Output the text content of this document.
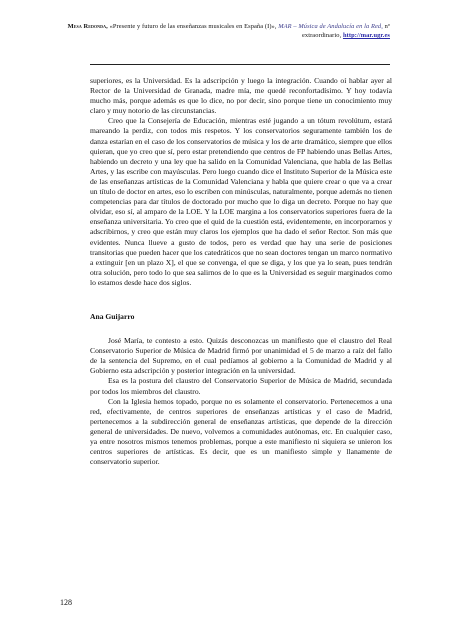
Mesa Redonda, «Presente y futuro de las enseñanzas musicales en España (I)», MAR – Música de Andalucía en la Red, nº extraordinario, http://mar.ugr.es

superiores, es la Universidad. Es la adscripción y luego la integración. Cuando oí hablar ayer al Rector de la Universidad de Granada, madre mía, me quedé reconfortadísimo. Y hoy todavía mucho más, porque además es que lo dice, no por decir, sino porque tiene un conocimiento muy claro y muy notorio de las circunstancias.

Creo que la Consejería de Educación, mientras esté jugando a un tótum revolútum, estará mareando la perdiz, con todos mis respetos. Y los conservatorios seguramente también los de danza estarían en el caso de los conservatorios de música y los de arte dramático, siempre que ellos quieran, que yo creo que sí, pero estar pretendiendo que centros de FP habiendo unas Bellas Artes, habiendo un decreto y una ley que ha salido en la Comunidad Valenciana, que habla de las Bellas Artes, y las escribe con mayúsculas. Pero luego cuando dice el Instituto Superior de la Música este de las enseñanzas artísticas de la Comunidad Valenciana y habla que quiere crear o que va a crear un título de doctor en artes, eso lo escriben con minúsculas, naturalmente, porque además no tienen competencias para dar títulos de doctorado por mucho que lo diga un decreto. Porque no hay que olvidar, eso sí, al amparo de la LOE. Y la LOE margina a los conservatorios superiores fuera de la enseñanza universitaria. Yo creo que el quid de la cuestión está, evidentemente, en incorporarnos y adscribirnos, y creo que están muy claros los ejemplos que ha dado el señor Rector. Son más que evidentes. Nunca llueve a gusto de todos, pero es verdad que hay una serie de posiciones transitorias que pueden hacer que los catedráticos que no sean doctores tengan un marco normativo a extinguir [en un plazo X], el que se convenga, el que se diga, y los que ya lo sean, pues tendrán otra solución, pero todo lo que sea salirnos de lo que es la Universidad es seguir marginados como lo estamos desde hace dos siglos.

Ana Guijarro

José María, te contesto a esto. Quizás desconozcas un manifiesto que el claustro del Real Conservatorio Superior de Música de Madrid firmó por unanimidad el 5 de marzo a raíz del fallo de la sentencia del Supremo, en el cual pedíamos al gobierno a la Comunidad de Madrid y al Gobierno esta adscripción y posterior integración en la universidad.

Esa es la postura del claustro del Conservatorio Superior de Música de Madrid, secundada por todos los miembros del claustro.

Con la Iglesia hemos topado, porque no es solamente el conservatorio. Pertenecemos a una red, efectivamente, de centros superiores de enseñanzas artísticas y el caso de Madrid, pertenecemos a la subdirección general de enseñanzas artísticas, que depende de la dirección general de universidades. De nuevo, volvemos a comunidades autónomas, etc. En cualquier caso, ya entre nosotros mismos tenemos problemas, porque a este manifiesto ni siquiera se unieron los centros superiores de artísticas. Es decir, que es un manifiesto simple y llanamente de conservatorio superior.

128
